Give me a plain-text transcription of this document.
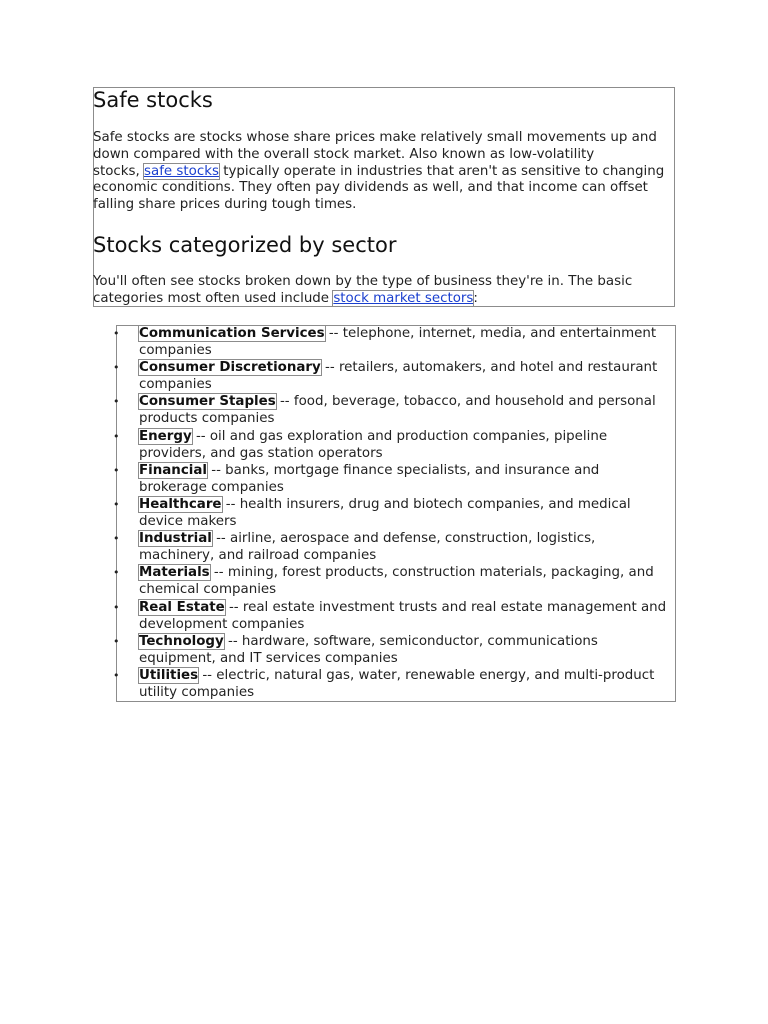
Safe stocks

Safe stocks are stocks whose share prices make relatively small movements up and
down compared with the overall stock market. Also known as low-volatility
stocks, safe stocks typically operate in industries that aren't as sensitive to changing
economic conditions. They often pay dividends as well, and that income can offset
falling share prices during tough times.

Stocks categorized by sector

You'll often see stocks broken down by the type of business they're in. The basic
categories most often used include stock market sectors:

• Communication Services -- telephone, internet, media, and entertainment
companies
• Consumer Discretionary -- retailers, automakers, and hotel and restaurant
companies
• Consumer Staples -- food, beverage, tobacco, and household and personal
products companies
• Energy -- oil and gas exploration and production companies, pipeline
providers, and gas station operators
• Financial -- banks, mortgage finance specialists, and insurance and
brokerage companies
• Healthcare -- health insurers, drug and biotech companies, and medical
device makers
• Industrial -- airline, aerospace and defense, construction, logistics,
machinery, and railroad companies
• Materials -- mining, forest products, construction materials, packaging, and
chemical companies
• Real Estate -- real estate investment trusts and real estate management and
development companies
• Technology -- hardware, software, semiconductor, communications
equipment, and IT services companies
• Utilities -- electric, natural gas, water, renewable energy, and multi-product
utility companies
